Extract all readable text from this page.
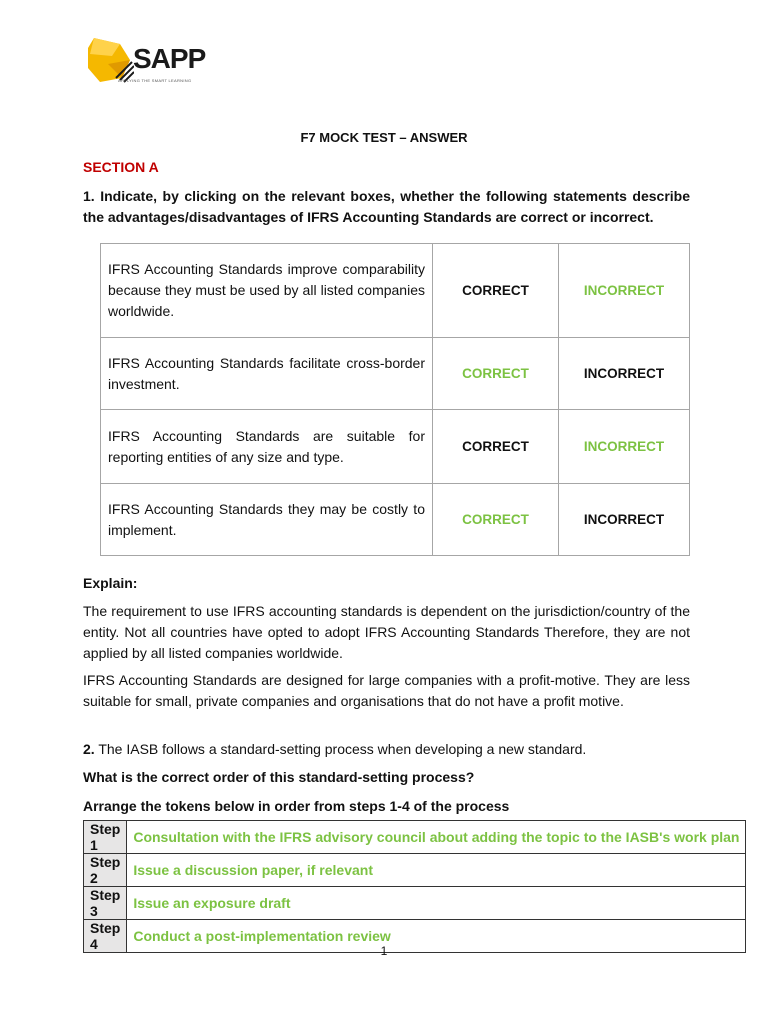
SAPP
APPLYING THE SMART LEARNING
F7 MOCK TEST – ANSWER
SECTION A
1. Indicate, by clicking on the relevant boxes, whether the following statements describe the advantages/disadvantages of IFRS Accounting Standards are correct or incorrect.
IFRS Accounting Standards improve comparability because they must be used by all listed companies worldwide.	CORRECT	INCORRECT
IFRS Accounting Standards facilitate cross-border investment.	CORRECT	INCORRECT
IFRS Accounting Standards are suitable for reporting entities of any size and type.	CORRECT	INCORRECT
IFRS Accounting Standards they may be costly to implement.	CORRECT	INCORRECT
Explain:
The requirement to use IFRS accounting standards is dependent on the jurisdiction/country of the entity. Not all countries have opted to adopt IFRS Accounting Standards Therefore, they are not applied by all listed companies worldwide.
IFRS Accounting Standards are designed for large companies with a profit-motive. They are less suitable for small, private companies and organisations that do not have a profit motive.
2. The IASB follows a standard-setting process when developing a new standard.
What is the correct order of this standard-setting process?
Arrange the tokens below in order from steps 1-4 of the process
Step 1	Consultation with the IFRS advisory council about adding the topic to the IASB's work plan
Step 2	Issue a discussion paper, if relevant
Step 3	Issue an exposure draft
Step 4	Conduct a post-implementation review
1
